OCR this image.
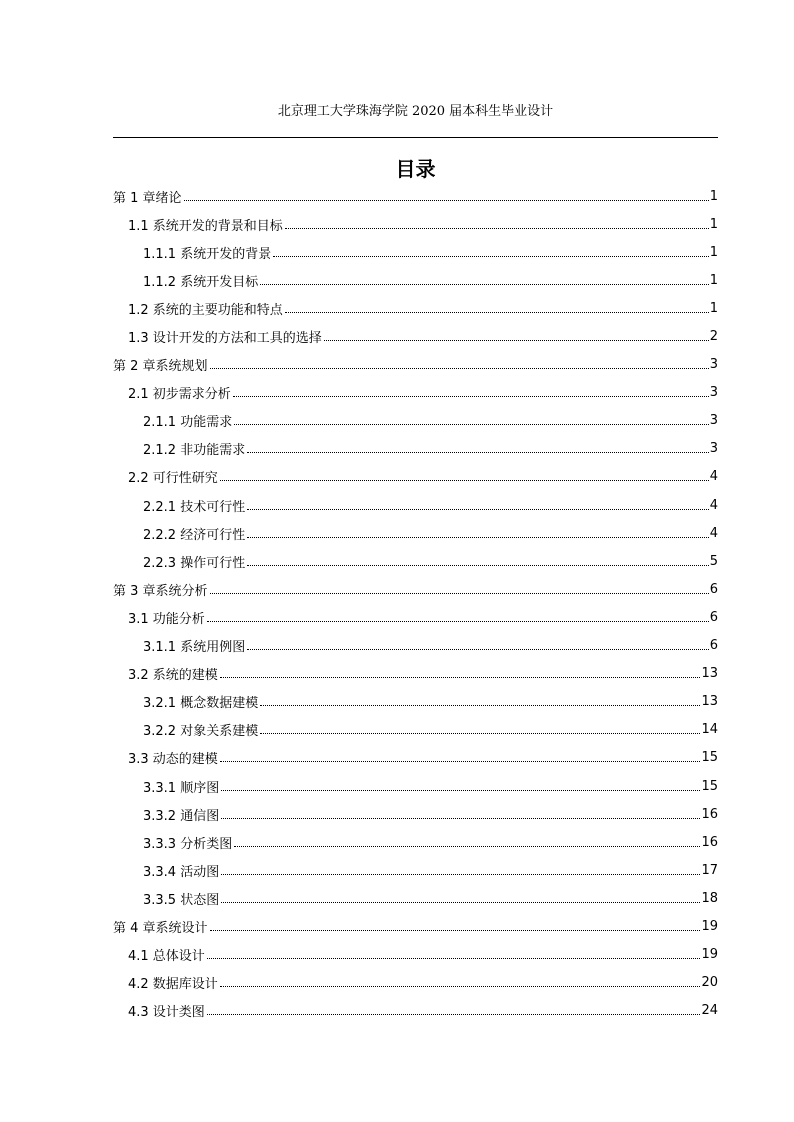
北京理工大学珠海学院 2020 届本科生毕业设计
目录
第 1 章绪论	1
1.1 系统开发的背景和目标	1
1.1.1 系统开发的背景	1
1.1.2 系统开发目标	1
1.2 系统的主要功能和特点	1
1.3 设计开发的方法和工具的选择	2
第 2 章系统规划	3
2.1 初步需求分析	3
2.1.1 功能需求	3
2.1.2 非功能需求	3
2.2 可行性研究	4
2.2.1 技术可行性	4
2.2.2 经济可行性	4
2.2.3 操作可行性	5
第 3 章系统分析	6
3.1 功能分析	6
3.1.1 系统用例图	6
3.2 系统的建模	13
3.2.1 概念数据建模	13
3.2.2 对象关系建模	14
3.3 动态的建模	15
3.3.1 顺序图	15
3.3.2 通信图	16
3.3.3 分析类图	16
3.3.4 活动图	17
3.3.5 状态图	18
第 4 章系统设计	19
4.1 总体设计	19
4.2 数据库设计	20
4.3 设计类图	24
